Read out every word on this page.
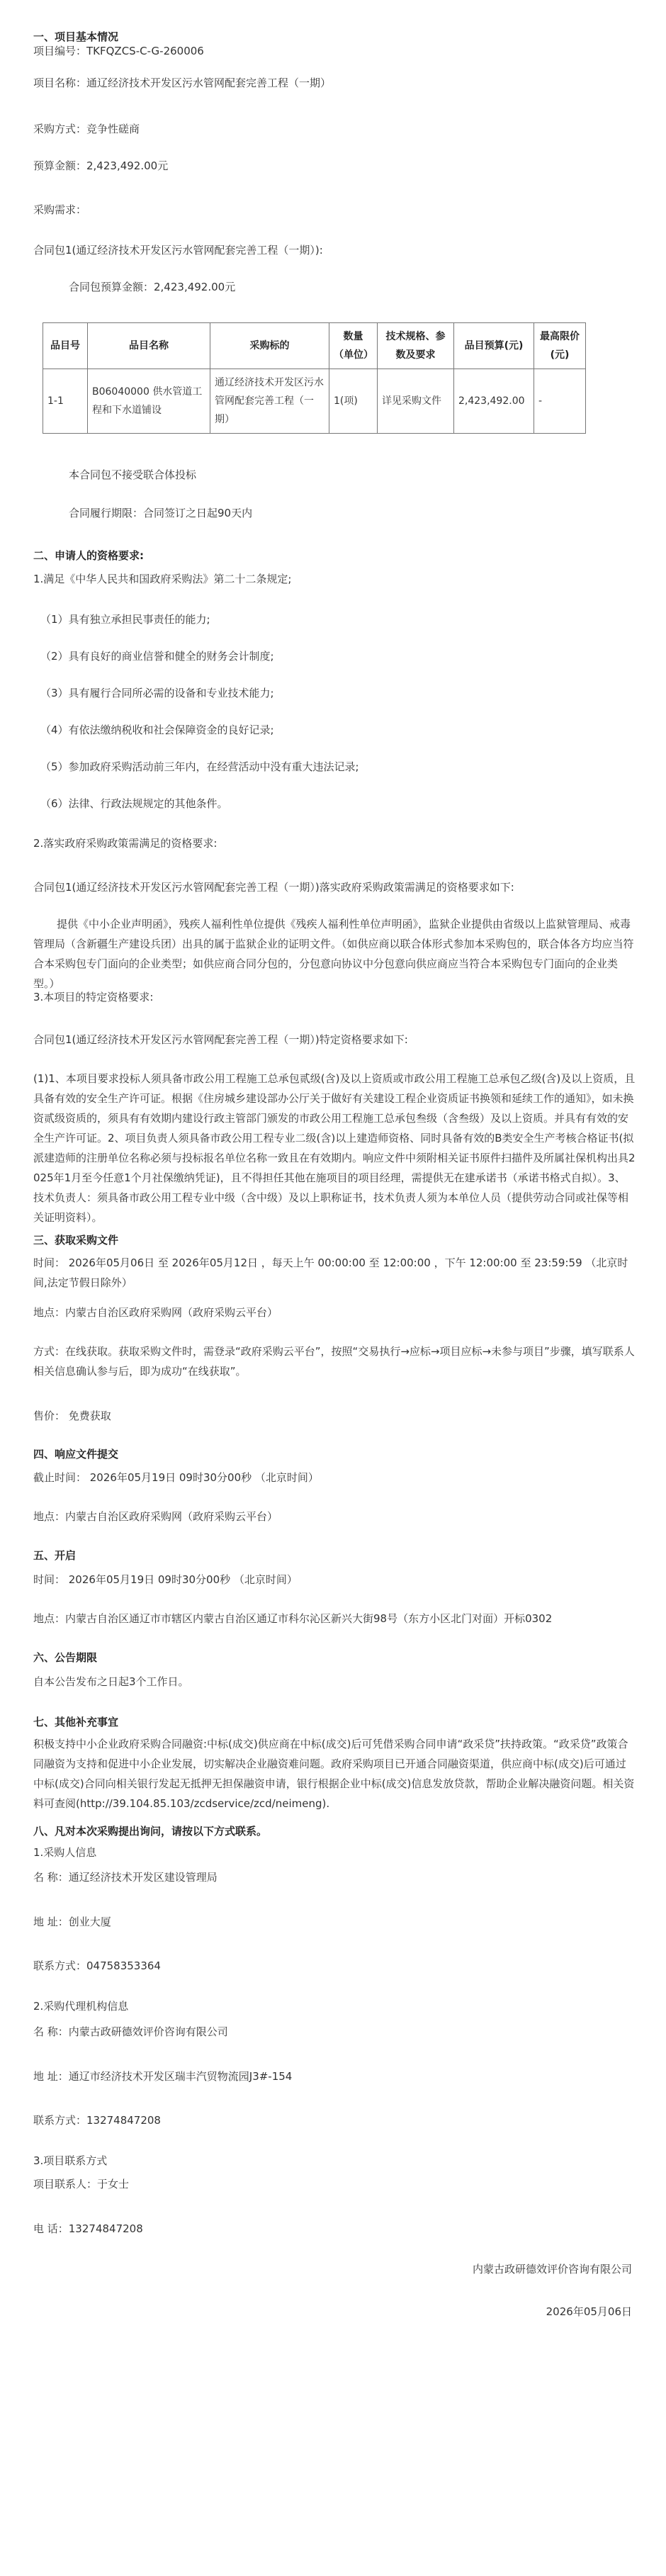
一、项目基本情况
项目编号：TKFQZCS-C-G-260006
项目名称：通辽经济技术开发区污水管网配套完善工程（一期）
采购方式：竞争性磋商
预算金额：2,423,492.00元
采购需求：
合同包1(通辽经济技术开发区污水管网配套完善工程（一期）):
合同包预算金额：2,423,492.00元
品目号	品目名称	采购标的	数量（单位）	技术规格、参数及要求	品目预算(元)	最高限价(元)
1-1	B06040000 供水管道工程和下水道铺设	通辽经济技术开发区污水管网配套完善工程（一期）	1(项)	详见采购文件	2,423,492.00	-
本合同包不接受联合体投标
合同履行期限：合同签订之日起90天内
二、申请人的资格要求:
1.满足《中华人民共和国政府采购法》第二十二条规定;
（1）具有独立承担民事责任的能力;
（2）具有良好的商业信誉和健全的财务会计制度;
（3）具有履行合同所必需的设备和专业技术能力;
（4）有依法缴纳税收和社会保障资金的良好记录;
（5）参加政府采购活动前三年内，在经营活动中没有重大违法记录;
（6）法律、行政法规规定的其他条件。
2.落实政府采购政策需满足的资格要求:
合同包1(通辽经济技术开发区污水管网配套完善工程（一期）)落实政府采购政策需满足的资格要求如下:
提供《中小企业声明函》，残疾人福利性单位提供《残疾人福利性单位声明函》，监狱企业提供由省级以上监狱管理局、戒毒管理局（含新疆生产建设兵团）出具的属于监狱企业的证明文件。（如供应商以联合体形式参加本采购包的，联合体各方均应当符合本采购包专门面向的企业类型；如供应商合同分包的，分包意向协议中分包意向供应商应当符合本采购包专门面向的企业类型。）
3.本项目的特定资格要求:
合同包1(通辽经济技术开发区污水管网配套完善工程（一期）)特定资格要求如下:
(1)1、本项目要求投标人须具备市政公用工程施工总承包贰级(含)及以上资质或市政公用工程施工总承包乙级(含)及以上资质，且具备有效的安全生产许可证。根据《住房城乡建设部办公厅关于做好有关建设工程企业资质证书换领和延续工作的通知》，如未换资贰级资质的，须具有有效期内建设行政主管部门颁发的市政公用工程施工总承包叁级（含叁级）及以上资质。并具有有效的安全生产许可证。2、项目负责人须具备市政公用工程专业二级(含)以上建造师资格、同时具备有效的B类安全生产考核合格证书(拟派建造师的注册单位名称必须与投标报名单位名称一致且在有效期内。响应文件中须附相关证书原件扫描件及所属社保机构出具2025年1月至今任意1个月社保缴纳凭证)，且不得担任其他在施项目的项目经理，需提供无在建承诺书（承诺书格式自拟）。3、技术负责人：须具备市政公用工程专业中级（含中级）及以上职称证书，技术负责人须为本单位人员（提供劳动合同或社保等相关证明资料）。
三、获取采购文件
时间： 2026年05月06日 至 2026年05月12日 ，每天上午 00:00:00 至 12:00:00 ，下午 12:00:00 至 23:59:59 （北京时间,法定节假日除外）
地点：内蒙古自治区政府采购网（政府采购云平台）
方式：在线获取。获取采购文件时，需登录“政府采购云平台”，按照“交易执行→应标→项目应标→未参与项目”步骤，填写联系人相关信息确认参与后，即为成功“在线获取”。
售价： 免费获取
四、响应文件提交
截止时间： 2026年05月19日 09时30分00秒 （北京时间）
地点：内蒙古自治区政府采购网（政府采购云平台）
五、开启
时间： 2026年05月19日 09时30分00秒 （北京时间）
地点：内蒙古自治区通辽市市辖区内蒙古自治区通辽市科尔沁区新兴大街98号（东方小区北门对面）开标0302
六、公告期限
自本公告发布之日起3个工作日。
七、其他补充事宜
积极支持中小企业政府采购合同融资:中标(成交)供应商在中标(成交)后可凭借采购合同申请“政采贷”扶持政策。“政采贷”政策合同融资为支持和促进中小企业发展，切实解决企业融资难问题。政府采购项目已开通合同融资渠道，供应商中标(成交)后可通过中标(成交)合同向相关银行发起无抵押无担保融资申请，银行根据企业中标(成交)信息发放贷款，帮助企业解决融资问题。相关资料可查阅(http://39.104.85.103/zcdservice/zcd/neimeng).
八、凡对本次采购提出询问，请按以下方式联系。
1.采购人信息
名 称：通辽经济技术开发区建设管理局
地 址：创业大厦
联系方式：04758353364
2.采购代理机构信息
名 称：内蒙古政研德效评价咨询有限公司
地 址：通辽市经济技术开发区瑞丰汽贸物流园J3#-154
联系方式：13274847208
3.项目联系方式
项目联系人：于女士
电 话：13274847208
内蒙古政研德效评价咨询有限公司
2026年05月06日
